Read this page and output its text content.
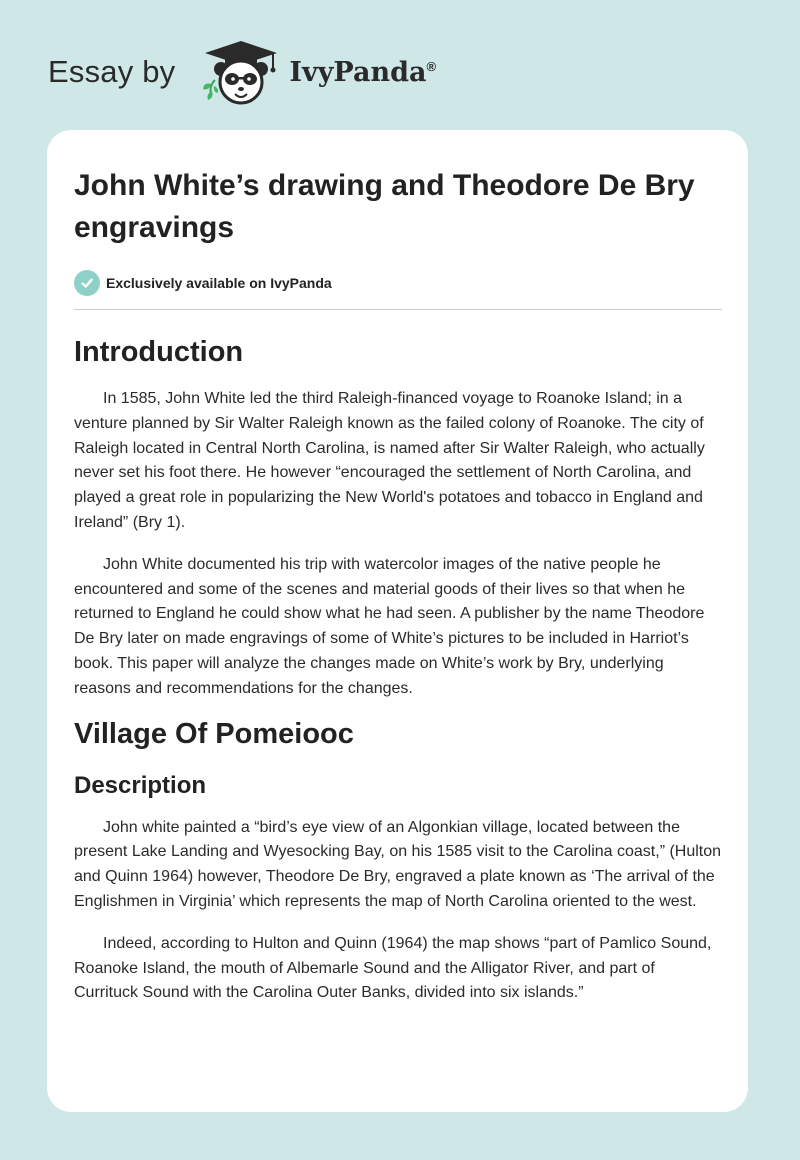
Essay by	IvyPanda®
John White’s drawing and Theodore De Bry engravings
Exclusively available on IvyPanda
Introduction

In 1585, John White led the third Raleigh-financed voyage to Roanoke Island; in a venture planned by Sir Walter Raleigh known as the failed colony of Roanoke. The city of Raleigh located in Central North Carolina, is named after Sir Walter Raleigh, who actually never set his foot there. He however “encouraged the settlement of North Carolina, and played a great role in popularizing the New World's potatoes and tobacco in England and Ireland” (Bry 1).

John White documented his trip with watercolor images of the native people he encountered and some of the scenes and material goods of their lives so that when he returned to England he could show what he had seen. A publisher by the name Theodore De Bry later on made engravings of some of White’s pictures to be included in Harriot’s book. This paper will analyze the changes made on White’s work by Bry, underlying reasons and recommendations for the changes.

Village Of Pomeiooc
Description

John white painted a “bird’s eye view of an Algonkian village, located between the present Lake Landing and Wyesocking Bay, on his 1585 visit to the Carolina coast,” (Hulton and Quinn 1964) however, Theodore De Bry, engraved a plate known as ‘The arrival of the Englishmen in Virginia’ which represents the map of North Carolina oriented to the west.

Indeed, according to Hulton and Quinn (1964) the map shows “part of Pamlico Sound, Roanoke Island, the mouth of Albemarle Sound and the Alligator River, and part of Currituck Sound with the Carolina Outer Banks, divided into six islands.”
